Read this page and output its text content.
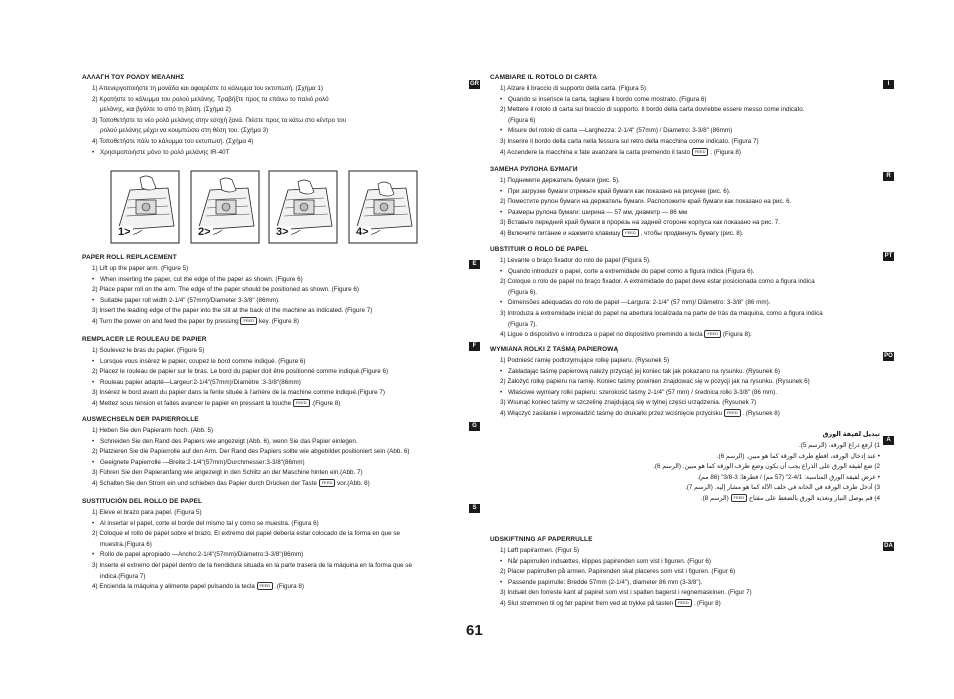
GR
ΑΛΛΑΓΗ ΤΟΥ ΡΟΛΟΥ ΜΕΛΑΝΗΣ
1) Απενεργοποιήστε τη μονάδα και αφαιρέστε το κάλυμμα του εκτυπωτή. (Σχήμα 1)
2) Κρατήστε το κάλυμμα του ρολού μελάνης. Τραβήξτε προς τα επάνω το παλιό ρολό
μελάνης, και βγάλτε το από τη βάση. (Σχήμα 2)
3) Τοποθετήστε το νέο ρολό μελάνης στην εσοχή ξανά. Πιέστε προς τα κάτω στο κέντρο του
ρολού μελάνης μέχρι να κουμπώσει στη θέση του. (Σχήμα 3)
4) Τοποθετήστε πάλι το κάλυμμα του εκτυπωτή. (Σχήμα 4)
• Χρησιμοποιήστε μόνο το ρολό μελάνης IR-40T
E
PAPER ROLL REPLACEMENT
1) Lift up the paper arm. (Figure 5)
• When inserting the paper, cut the edge of the paper as shown. (Figure 6)
2) Place paper roll on the arm. The edge of the paper should be positioned as shown. (Figure 6)
• Suitable paper roll width 2-1/4" (57mm)/Diameter 3-3/8" (86mm).
3) Insert the leading edge of the paper into the slit at the back of the machine as indicated. (Figure 7)
4) Turn the power on and feed the paper by pressing FEED key. (Figure 8)
F
REMPLACER LE ROULEAU DE PAPIER
1) Soulevez le bras du papier. (Figure 5)
• Lorsque vous insérez le papier, coupez le bord comme indiqué. (Figure 6)
2) Placez le rouleau de papier sur le bras. Le bord du papier doit être positionné comme indiqué.(Figure 6)
• Rouleau papier adapté—Largeur:2-1/4"(57mm)/Diamètre :3-3/8"(86mm)
3) Insérez le bord avant du papier dans la fente située à l’arrière de la machine comme indiqué.(Figure 7)
4) Mettez sous tension et faites avancer le papier en pressant la touche FEED .(Figure 8)
G
AUSWECHSELN DER PAPIERROLLE
1) Heben Sie den Papierarm hoch. (Abb. 5)
• Schneiden Sie den Rand des Papiers wie angezeigt (Abb. 6), wenn Sie das Papier einlegen.
2) Platzieren Sie die Papierrolle auf den Arm. Der Rand des Papiers sollte wie abgebildet positioniert sein (Abb. 6)
• Geeignete Papierrolle —Breite:2-1/4"(57mm)/Durchmesser:3-3/8"(86mm)
3) Führen Sie den Papieranfang wie angezeigt in den Schlitz an der Maschine hinten ein.(Abb. 7)
4) Schalten Sie den Strom ein und schieben das Papier durch Drücken der Taste FEED vor.(Abb. 8)
S
SUSTITUCIÓN DEL ROLLO DE PAPEL
1) Eleve el brazo para papel. (Figura 5)
• Al insertar el papel, corte el borde del mismo tal y como se muestra. (Figura 6)
2) Coloque el rollo de papel sobre el brazo. El extremo del papel debería estar colocado de la forma en que se
muestra.(Figura 6)
• Rollo de papel apropiado —Ancho:2-1/4"(57mm)/Diámetro:3-3/8"(86mm)
3) Inserte el extremo del papel dentro de la hendidura situada en la parte trasera de la máquina en la forma que se
indica.(Figura 7)
4) Encienda la máquina y alimente papel pulsando la tecla FEED .(Figura 8)
I
CAMBIARE IL ROTOLO DI CARTA
1) Alzare il braccio di supporto della carta. (Figura 5)
• Quando si inserisce la carta, tagliare il bordo come mostrato. (Figura 6)
2) Mettere il rotolo di carta sul braccio di supporto. Il bordo della carta dovrebbe essere messo come indicato.
(Figura 6)
• Misure del rotolo di carta —Larghezza: 2-1/4" (57mm) / Diametro: 3-3/8" (86mm)
3) Inserire il bordo della carta nella fessura sul retro della macchina come indicato. (Figura 7)
4) Accendere la macchina e fate avanzare la carta premendo il tasto FEED . (Figura 8)
R
ЗАМЕНА РУЛОНА БУМАГИ
1) Поднимите держатель бумаги (рис. 5).
• При загрузке бумаги отрежьте край бумаги как показано на рисунке (рис. 6).
2) Поместите рулон бумаги на держатель бумаги. Расположите край бумаги как показано на рис. 6.
• Размеры рулона бумаги: ширина — 57 мм, диаметр — 86 мм
3) Вставьте передний край бумаги в прорезь на задней стороне корпуса как показано на рис. 7.
4) Включите питание и нажмите клавишу FEED , чтобы продвинуть бумагу (рис. 8).
PT
UBSTITUIR O ROLO DE PAPEL
1) Levante o braço fixador do rolo de papel (Figura 5).
• Quando introduzir o papel, corte a extremidade do papel como a figura indica (Figura 6).
2) Coloque o rolo de papel no braço fixador. A extremidade do papel deve estar posicionada como a figura indica
(Figura 6).
• Dimensões adequadas do rolo de papel —Largura: 2-1/4" (57 mm)/ Diâmetro: 3-3/8" (86 mm).
3) Introduza a extremidade inicial do papel na abertura localizada na parte de trás da maquina, como a figura indica
(Figura 7).
4) Ligue o dispositivo e introduza o papel no dispositivo premindo a tecla FEED (Figura 8).
PO
WYMIANA ROLKI Z TAŚMĄ PAPIEROWĄ
1) Podnieść ramię podtrzymujące rolkę papieru. (Rysunek 5)
• Zakładając taśmę papierową należy przyciąć jej koniec tak jak pokazano na rysunku. (Rysunek 6)
2) Założyć rolkę papieru na ramię. Koniec taśmy powinien znajdować się w pozycji jak na rysunku. (Rysunek 6)
• Właściwe wymiary rolki papieru: szerokość taśmy 2-1/4" (57 mm) / średnica rolki 3-3/8" (86 mm).
3) Wsunąć koniec taśmy w szczelinę znajdującą się w tylnej części urządzenia. (Rysunek 7)
4) Włączyć zasilanie i wprowadzić taśmę do drukarki przez wciśnięcie przycisku FEED . (Rysunek 8)
A
تبديل لفيفة الورق
1) ارفع ذراع الورقة. (الرسم 5).
• عند إدخال الورقة، اقطع طرف الورقة كما هو مبين. (الرسم 6).
2) ضع لفيفة الورق على الذراع يجب أن يكون وضع طرف الورقة كما هو مبين. (الرسم 6).
• عرض لفيفة الورق المناسبة: 4/1-2" (57 مم) / قطرها: 3-3/8" (86 مم).
3) أدخل طرف الورقة في الخانة في خلف الآلة كما هو مشار إليه. (الرسم 7).
4) قم بوصل التيار وتغذية الورق بالضغط على مفتاح FEED (الرسم 8).
DA
UDSKIFTNING AF PAPERRULLE
1) Løft papirarmen. (Figur 5)
• Når papirrullen indsættes, klippes papirenden som vist i figuren. (Figur 6)
2) Placer papirrullen på armen. Papirenden skal placeres som vist i figuren. (Figur 6)
• Passende papirrulle: Bredde 57mm (2-1/4"), diameter 86 mm (3-3/8").
3) Indsæt den forreste kant af papiret som vist i spalten bagerst i regnemaskinen. (Figur 7)
4) Slut strømmen til og før papiret frem ved at trykke på tasten FEED . (Figur 8)
1>	2>	3>	4>
61
